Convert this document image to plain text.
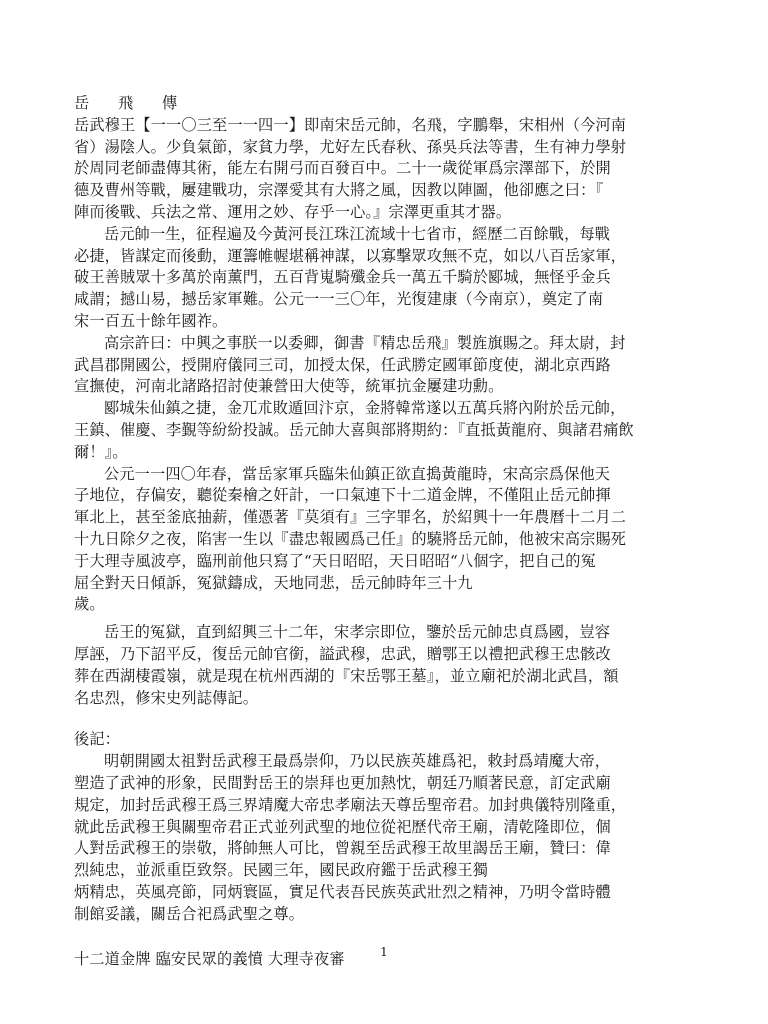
岳 飛 傳
岳武穆王【一一〇三至一一四一】即南宋岳元帥，名飛，字鵬舉，宋相州（今河南
省）湯陰人。少負氣節，家貧力學，尤好左氏春秋、孫吳兵法等書，生有神力學射
於周同老師盡傳其術，能左右開弓而百發百中。二十一歲從軍爲宗澤部下，於開
德及曹州等戰，屢建戰功，宗澤愛其有大將之風，因教以陣圖，他卻應之曰：『
陣而後戰、兵法之常、運用之妙、存乎一心。』宗澤更重其才器。
岳元帥一生，征程遍及今黃河長江珠江流域十七省市，經歷二百餘戰，每戰
必捷，皆謀定而後動，運籌帷幄堪稱神謀，以寡擊眾攻無不克，如以八百岳家軍，
破王善賊眾十多萬於南薰門，五百背嵬騎殲金兵一萬五千騎於郾城，無怪乎金兵
咸謂；撼山易，撼岳家軍難。公元一一三〇年，光復建康（今南京），奠定了南
宋一百五十餘年國祚。
高宗許曰：中興之事朕一以委卿，御書『精忠岳飛』製旌旗賜之。拜太尉，封
武昌郡開國公，授開府儀同三司，加授太保，任武勝定國軍節度使，湖北京西路
宣撫使，河南北諸路招討使兼營田大使等，統軍抗金屢建功勳。
郾城朱仙鎮之捷，金兀朮敗遁回汴京，金將韓常遂以五萬兵將內附於岳元帥，
王鎮、催慶、李覲等紛紛投誠。岳元帥大喜與部將期約：『直抵黃龍府、與諸君痛飲
爾！』。
公元一一四〇年春，當岳家軍兵臨朱仙鎮正欲直搗黃龍時，宋高宗爲保他天
子地位，存偏安，聽從秦檜之奸計，一口氣連下十二道金牌，不僅阻止岳元帥揮
軍北上，甚至釜底抽薪，僅憑著『莫須有』三字罪名，於紹興十一年農曆十二月二
十九日除夕之夜，陷害一生以『盡忠報國爲己任』的驍將岳元帥，他被宋高宗賜死
于大理寺風波亭，臨刑前他只寫了“天日昭昭，天日昭昭“八個字，把自己的冤
屈全對天日傾訴，冤獄鑄成，天地同悲，岳元帥時年三十九
歲。
岳王的冤獄，直到紹興三十二年，宋孝宗即位，鑒於岳元帥忠貞爲國，豈容
厚誣，乃下詔平反，復岳元帥官銜，謚武穆，忠武，贈鄂王以禮把武穆王忠骸改
葬在西湖棲霞嶺，就是現在杭州西湖的『宋岳鄂王墓』，並立廟祀於湖北武昌，額
名忠烈，修宋史列誌傳記。
後記：
明朝開國太祖對岳武穆王最爲崇仰，乃以民族英雄爲祀，敕封爲靖魔大帝，
塑造了武神的形象，民間對岳王的崇拜也更加熱忱，朝廷乃順著民意，訂定武廟
規定，加封岳武穆王爲三界靖魔大帝忠孝廟法天尊岳聖帝君。加封典儀特別隆重，
就此岳武穆王與關聖帝君正式並列武聖的地位從祀歷代帝王廟，清乾隆即位，個
人對岳武穆王的崇敬，將帥無人可比，曾親至岳武穆王故里謁岳王廟，贊曰：偉
烈純忠，並派重臣致祭。民國三年，國民政府鑑于岳武穆王獨
炳精忠，英風亮節，同炳寰區，實足代表吾民族英武壯烈之精神，乃明令當時體
制館妥議，關岳合祀爲武聖之尊。
十二道金牌 臨安民眾的義憤 大理寺夜審	1
